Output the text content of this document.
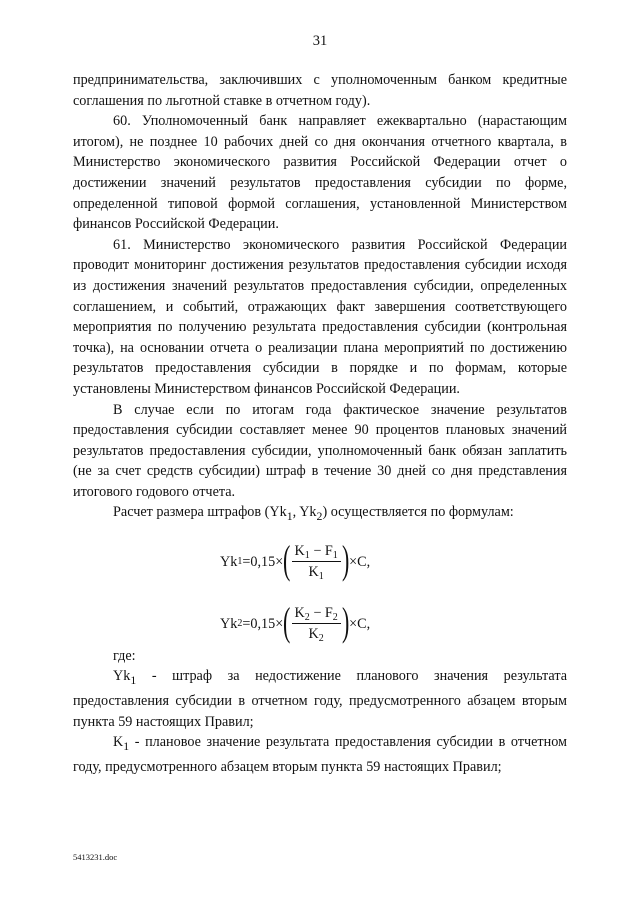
31

предпринимательства, заключивших с уполномоченным банком кредитные соглашения по льготной ставке в отчетном году).

60. Уполномоченный банк направляет ежеквартально (нарастающим итогом), не позднее 10 рабочих дней со дня окончания отчетного квартала, в Министерство экономического развития Российской Федерации отчет о достижении значений результатов предоставления субсидии по форме, определенной типовой формой соглашения, установленной Министерством финансов Российской Федерации.

61. Министерство экономического развития Российской Федерации проводит мониторинг достижения результатов предоставления субсидии исходя из достижения значений результатов предоставления субсидии, определенных соглашением, и событий, отражающих факт завершения соответствующего мероприятия по получению результата предоставления субсидии (контрольная точка), на основании отчета о реализации плана мероприятий по достижению результатов предоставления субсидии в порядке и по формам, которые установлены Министерством финансов Российской Федерации.

В случае если по итогам года фактическое значение результатов предоставления субсидии составляет менее 90 процентов плановых значений результатов предоставления субсидии, уполномоченный банк обязан заплатить (не за счет средств субсидии) штраф в течение 30 дней со дня представления итогового годового отчета.

Расчет размера штрафов ($Yk_1$, $Yk_2$) осуществляется по формулам:

Yk 1 = 0,15 × ( $\frac{K_1 - F_1}{K_1}$ ) × C ,
Yk 2 = 0,15 × ( $\frac{K_2 - F_2}{K_2}$ ) × C ,

где:

$Yk_1$ - штраф за недостижение планового значения результата предоставления субсидии в отчетном году, предусмотренного абзацем вторым пункта 59 настоящих Правил;

$K_1$ - плановое значение результата предоставления субсидии в отчетном году, предусмотренного абзацем вторым пункта 59 настоящих Правил;

5413231.doc
